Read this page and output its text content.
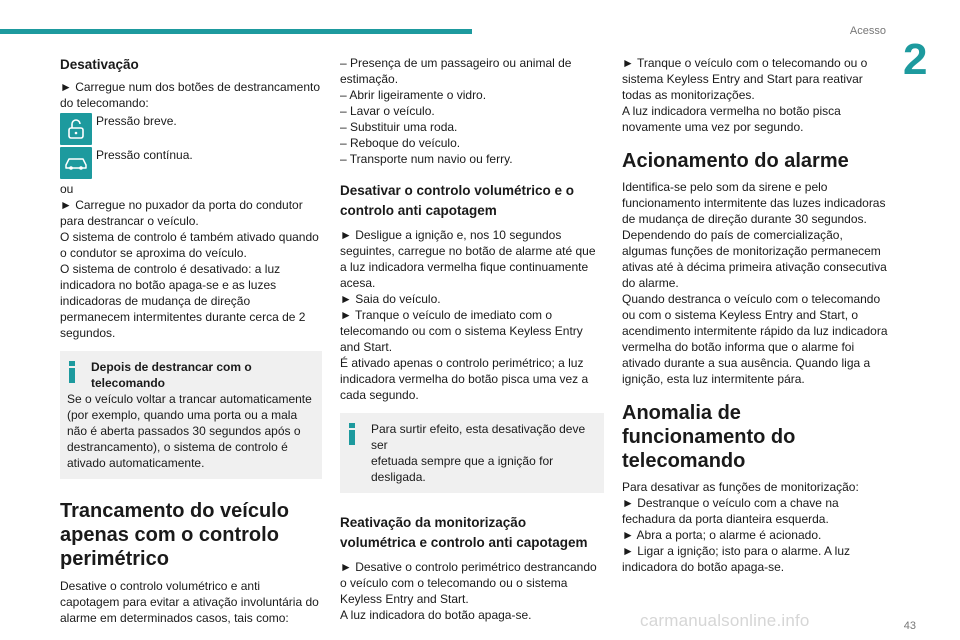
Acesso
2
Desativação

► Carregue num dos botões de destrancamento do telecomando:

Pressão breve.
Pressão contínua.

ou

► Carregue no puxador da porta do condutor para destrancar o veículo.

O sistema de controlo é também ativado quando o condutor se aproxima do veículo.

O sistema de controlo é desativado: a luz indicadora no botão apaga-se e as luzes indicadoras de mudança de direção permanecem intermitentes durante cerca de 2 segundos.

Depois de destrancar com o telecomando

Se o veículo voltar a trancar automaticamente (por exemplo, quando uma porta ou a mala não é aberta passados 30 segundos após o destrancamento), o sistema de controlo é ativado automaticamente.

Trancamento do veículo apenas com o controlo perimétrico

Desative o controlo volumétrico e anti capotagem para evitar a ativação involuntária do alarme em determinados casos, tais como:

– Presença de um passageiro ou animal de estimação.

– Abrir ligeiramente o vidro.

– Lavar o veículo.

– Substituir uma roda.

– Reboque do veículo.

– Transporte num navio ou ferry.

Desativar o controlo volumétrico e o controlo anti capotagem

► Desligue a ignição e, nos 10 segundos seguintes, carregue no botão de alarme até que a luz indicadora vermelha fique continuamente acesa.

► Saia do veículo.

► Tranque o veículo de imediato com o telecomando ou com o sistema Keyless Entry and Start.

É ativado apenas o controlo perimétrico; a luz indicadora vermelha do botão pisca uma vez a cada segundo.

Para surtir efeito, esta desativação deve ser

efetuada sempre que a ignição for desligada.

Reativação da monitorização volumétrica e controlo anti capotagem

► Desative o controlo perimétrico destrancando o veículo com o telecomando ou o sistema Keyless Entry and Start.

A luz indicadora do botão apaga-se.

► Tranque o veículo com o telecomando ou o sistema Keyless Entry and Start para reativar todas as monitorizações.

A luz indicadora vermelha no botão pisca novamente uma vez por segundo.

Acionamento do alarme

Identifica-se pelo som da sirene e pelo funcionamento intermitente das luzes indicadoras de mudança de direção durante 30 segundos.

Dependendo do país de comercialização, algumas funções de monitorização permanecem ativas até à décima primeira ativação consecutiva do alarme.

Quando destranca o veículo com o telecomando ou com o sistema Keyless Entry and Start, o acendimento intermitente rápido da luz indicadora vermelha do botão informa que o alarme foi ativado durante a sua ausência. Quando liga a ignição, esta luz intermitente pára.

Anomalia de funcionamento do telecomando

Para desativar as funções de monitorização:

► Destranque o veículo com a chave na fechadura da porta dianteira esquerda.

► Abra a porta; o alarme é acionado.

► Ligar a ignição; isto para o alarme. A luz indicadora do botão apaga-se.

43
carmanualsonline.info
